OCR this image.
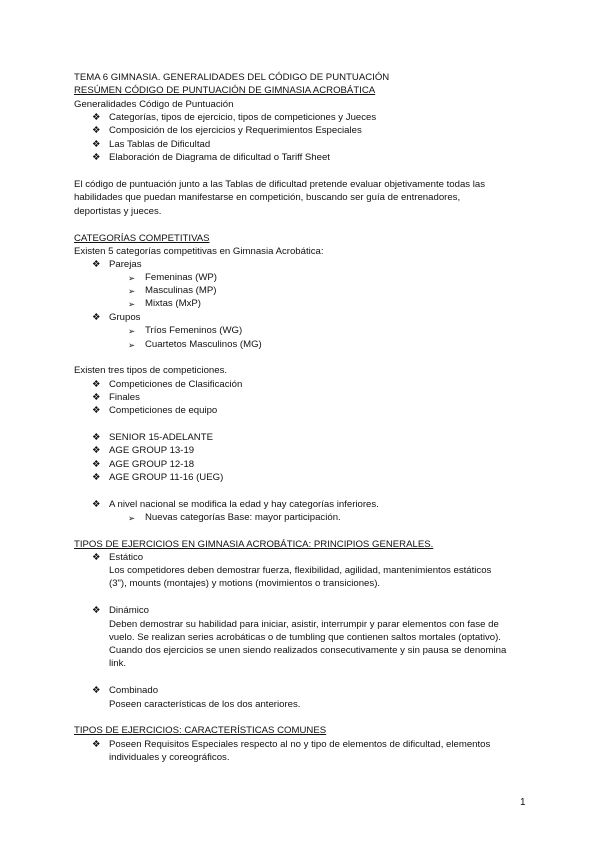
TEMA 6 GIMNASIA. GENERALIDADES DEL CÓDIGO DE PUNTUACIÓN
RESÚMEN CÓDIGO DE PUNTUACIÓN DE GIMNASIA ACROBÁTICA
Generalidades Código de Puntuación
❖ Categorías, tipos de ejercicio, tipos de competiciones y Jueces
❖ Composición de los ejercicios y Requerimientos Especiales
❖ Las Tablas de Dificultad
❖ Elaboración de Diagrama de dificultad o Tariff Sheet
El código de puntuación junto a las Tablas de dificultad pretende evaluar objetivamente todas las
habilidades que puedan manifestarse en competición, buscando ser guía de entrenadores,
deportistas y jueces.
CATEGORÍAS COMPETITIVAS
Existen 5 categorías competitivas en Gimnasia Acrobática:
❖ Parejas
➢ Femeninas (WP)
➢ Masculinas (MP)
➢ Mixtas (MxP)
❖ Grupos
➢ Tríos Femeninos (WG)
➢ Cuartetos Masculinos (MG)
Existen tres tipos de competiciones.
❖ Competiciones de Clasificación
❖ Finales
❖ Competiciones de equipo
❖ SENIOR 15-ADELANTE
❖ AGE GROUP 13-19
❖ AGE GROUP 12-18
❖ AGE GROUP 11-16 (UEG)
❖ A nivel nacional se modifica la edad y hay categorías inferiores.
➢ Nuevas categorías Base: mayor participación.
TIPOS DE EJERCICIOS EN GIMNASIA ACROBÁTICA: PRINCIPIOS GENERALES.
❖ Estático
Los competidores deben demostrar fuerza, flexibilidad, agilidad, mantenimientos estáticos
(3"), mounts (montajes) y motions (movimientos o transiciones).
❖ Dinámico
Deben demostrar su habilidad para iniciar, asistir, interrumpir y parar elementos con fase de
vuelo. Se realizan series acrobáticas o de tumbling que contienen saltos mortales (optativo).
Cuando dos ejercicios se unen siendo realizados consecutivamente y sin pausa se denomina
link.
❖ Combinado
Poseen características de los dos anteriores.
TIPOS DE EJERCICIOS: CARACTERÍSTICAS COMUNES
❖ Poseen Requisitos Especiales respecto al no y tipo de elementos de dificultad, elementos
individuales y coreográficos.
1
